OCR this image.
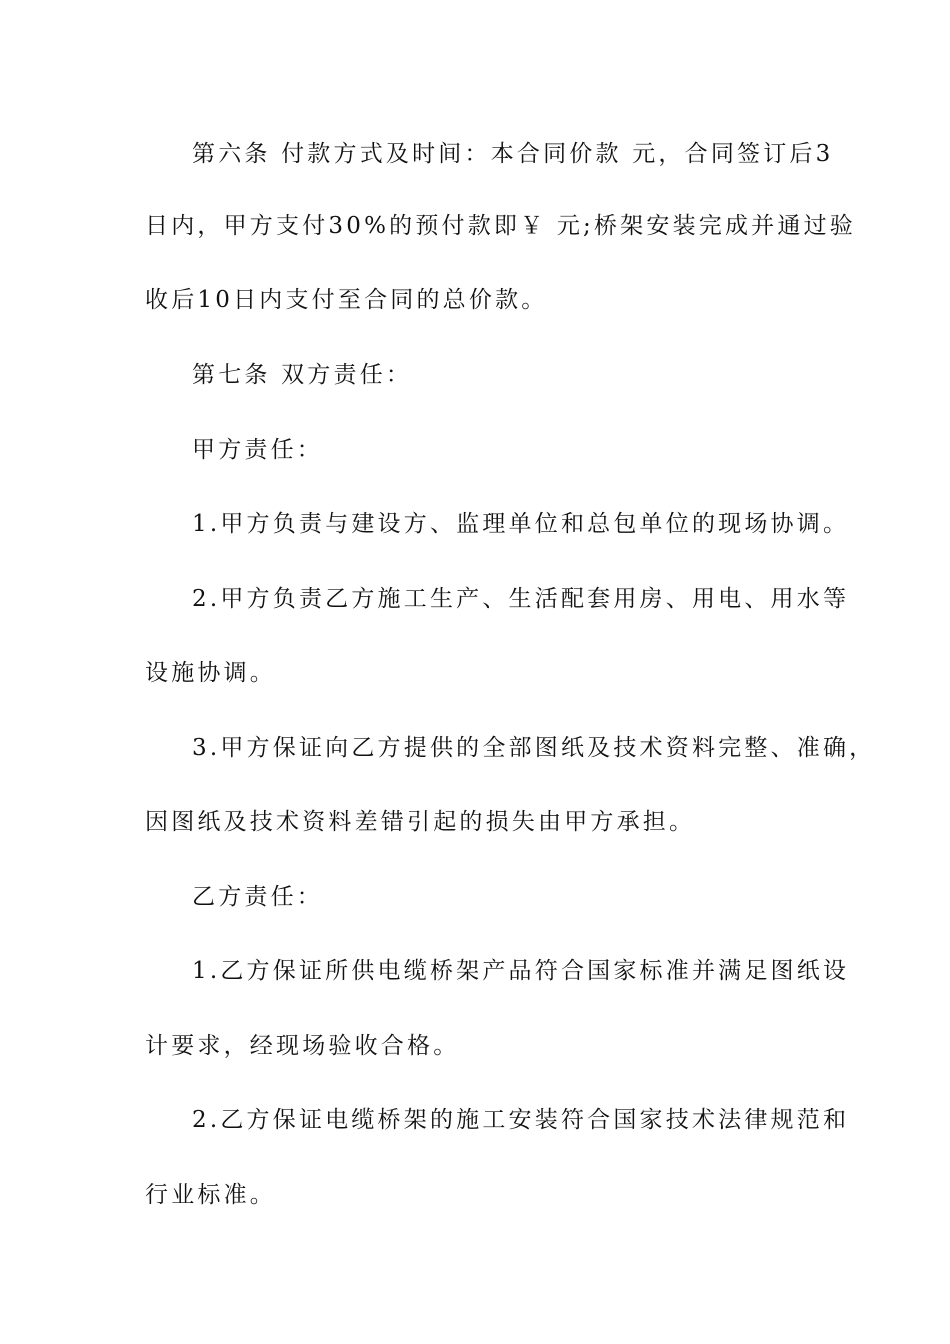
第六条 付款方式及时间：本合同价款 元，合同签订后3
日内，甲方支付30%的预付款即￥ 元;桥架安装完成并通过验
收后10日内支付至合同的总价款。
第七条 双方责任：
甲方责任：
1.甲方负责与建设方、监理单位和总包单位的现场协调。
2.甲方负责乙方施工生产、生活配套用房、用电、用水等
设施协调。
3.甲方保证向乙方提供的全部图纸及技术资料完整、准确，
因图纸及技术资料差错引起的损失由甲方承担。
乙方责任：
1.乙方保证所供电缆桥架产品符合国家标准并满足图纸设
计要求，经现场验收合格。
2.乙方保证电缆桥架的施工安装符合国家技术法律规范和
行业标准。
